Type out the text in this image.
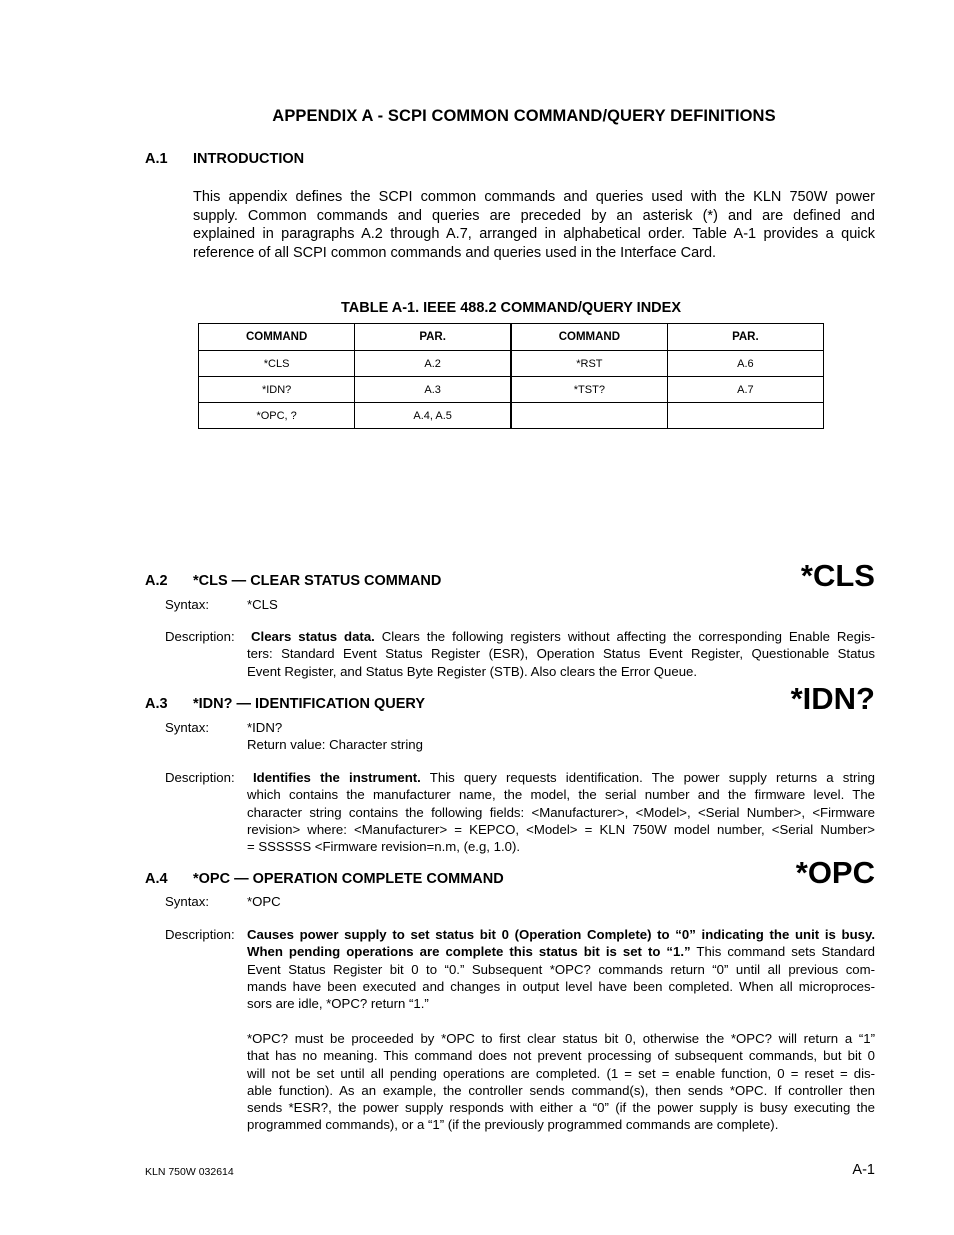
APPENDIX A - SCPI COMMON COMMAND/QUERY DEFINITIONS
A.1 INTRODUCTION
This appendix defines the SCPI common commands and queries used with the KLN 750W power
supply. Common commands and queries are preceded by an asterisk (*) and are defined and
explained in paragraphs A.2 through A.7, arranged in alphabetical order. Table A-1 provides a quick
reference of all SCPI common commands and queries used in the Interface Card.
TABLE A-1. IEEE 488.2 COMMAND/QUERY INDEX
COMMAND	PAR.	COMMAND	PAR.
*CLS	A.2	*RST	A.6
*IDN?	A.3	*TST?	A.7
*OPC, ?	A.4, A.5		
A.2 *CLS — CLEAR STATUS COMMAND	*CLS
Syntax:	*CLS
Description: Clears status data. Clears the following registers without affecting the corresponding Enable Regis-
ters: Standard Event Status Register (ESR), Operation Status Event Register, Questionable Status
Event Register, and Status Byte Register (STB). Also clears the Error Queue.
A.3 *IDN? — IDENTIFICATION QUERY	*IDN?
Syntax:	*IDN?
Return value: Character string
Description: Identifies the instrument. This query requests identification. The power supply returns a string
which contains the manufacturer name, the model, the serial number and the firmware level. The
character string contains the following fields: <Manufacturer>, <Model>, <Serial Number>, <Firmware
revision> where: <Manufacturer> = KEPCO, <Model> = KLN 750W model number, <Serial Number>
= SSSSSS <Firmware revision=n.m, (e.g, 1.0).
A.4 *OPC — OPERATION COMPLETE COMMAND	*OPC
Syntax:	*OPC
Description: Causes power supply to set status bit 0 (Operation Complete) to “0” indicating the unit is busy.
When pending operations are complete this status bit is set to “1.” This command sets Standard
Event Status Register bit 0 to “0.” Subsequent *OPC? commands return “0” until all previous com-
mands have been executed and changes in output level have been completed. When all microproces-
sors are idle, *OPC? return “1.”
*OPC? must be proceeded by *OPC to first clear status bit 0, otherwise the *OPC? will return a “1”
that has no meaning. This command does not prevent processing of subsequent commands, but bit 0
will not be set until all pending operations are completed. (1 = set = enable function, 0 = reset = dis-
able function). As an example, the controller sends command(s), then sends *OPC. If controller then
sends *ESR?, the power supply responds with either a “0” (if the power supply is busy executing the
programmed commands), or a “1” (if the previously programmed commands are complete).
KLN 750W 032614	A-1
